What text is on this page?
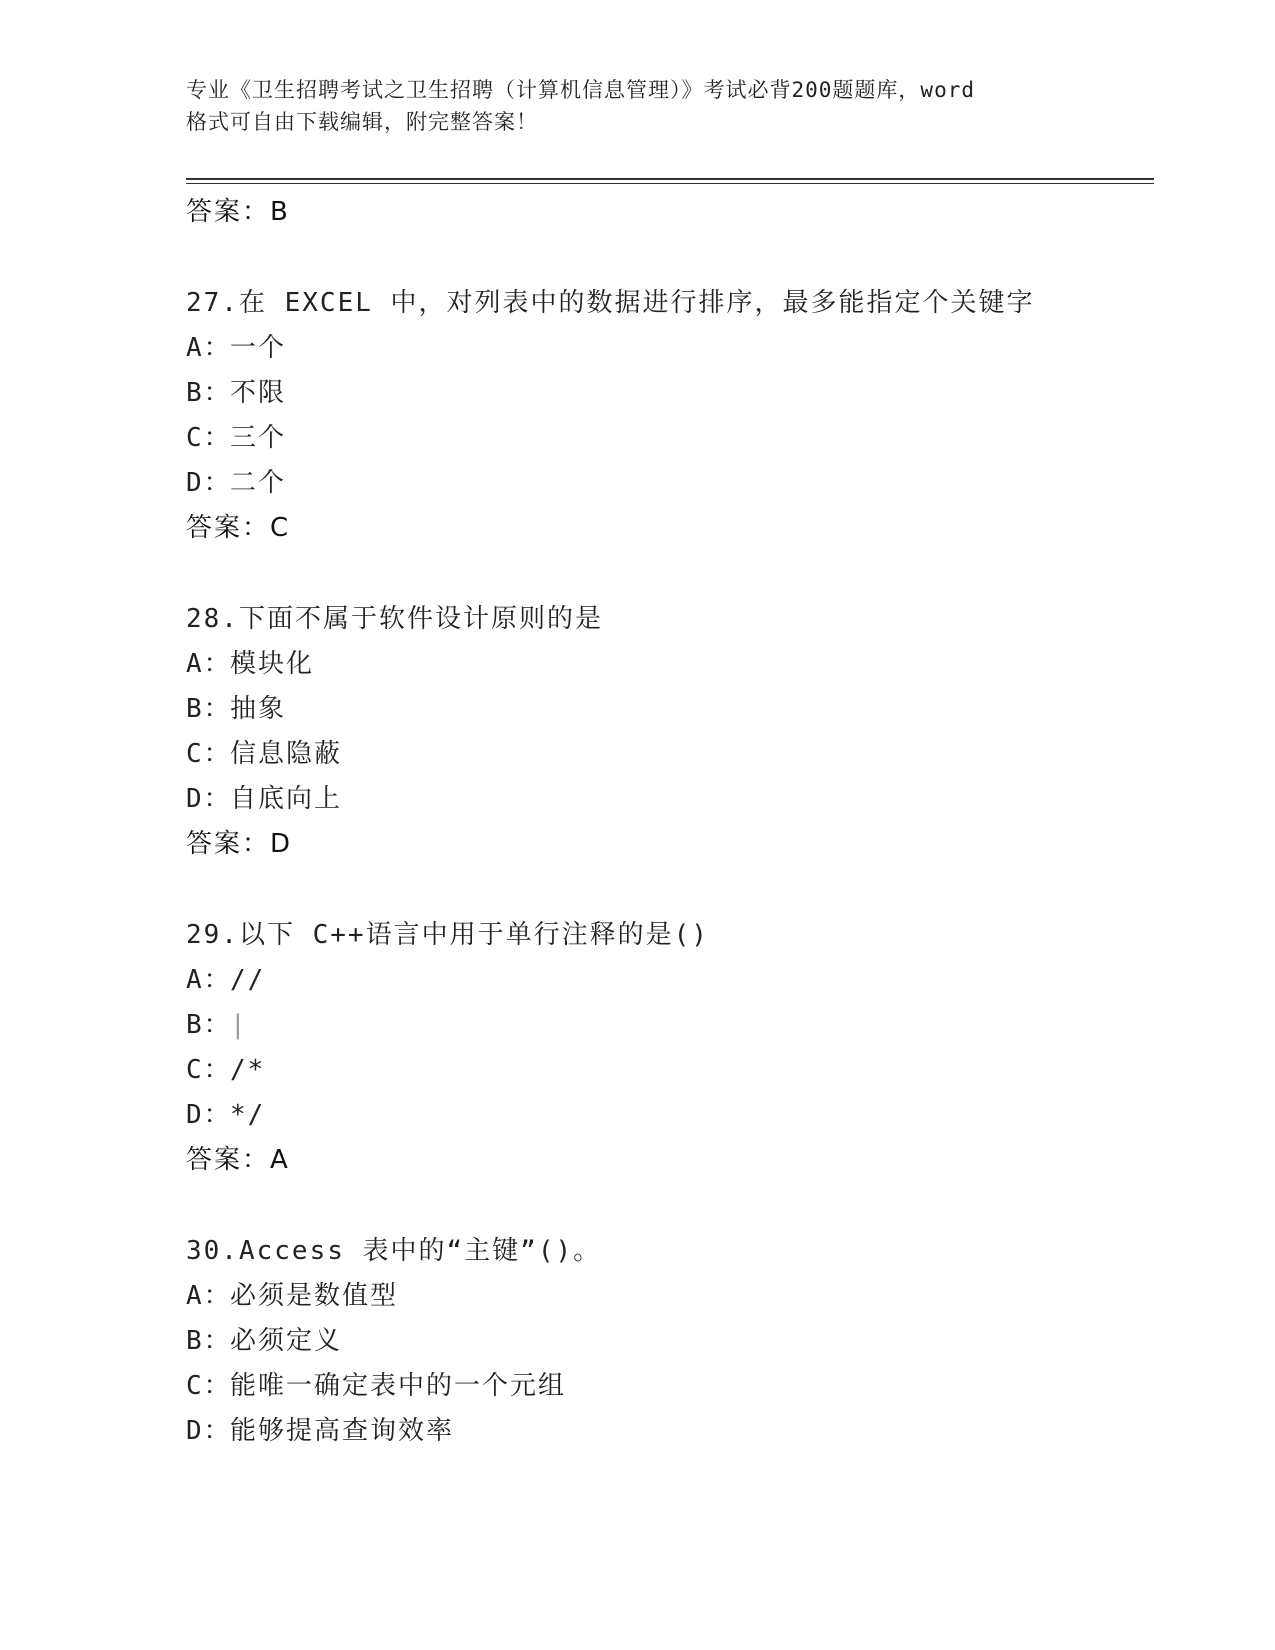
专业《卫生招聘考试之卫生招聘（计算机信息管理）》考试必背200题题库，word
格式可自由下载编辑，附完整答案！
答案：B
27.在 EXCEL 中，对列表中的数据进行排序，最多能指定个关键字
A：一个
B：不限
C：三个
D：二个
答案：C
28.下面不属于软件设计原则的是
A：模块化
B：抽象
C：信息隐蔽
D：自底向上
答案：D
29.以下 C++语言中用于单行注释的是()
A：//
B：|
C：/*
D：*/
答案：A
30.Access 表中的“主键”()。
A：必须是数值型
B：必须定义
C：能唯一确定表中的一个元组
D：能够提高查询效率
